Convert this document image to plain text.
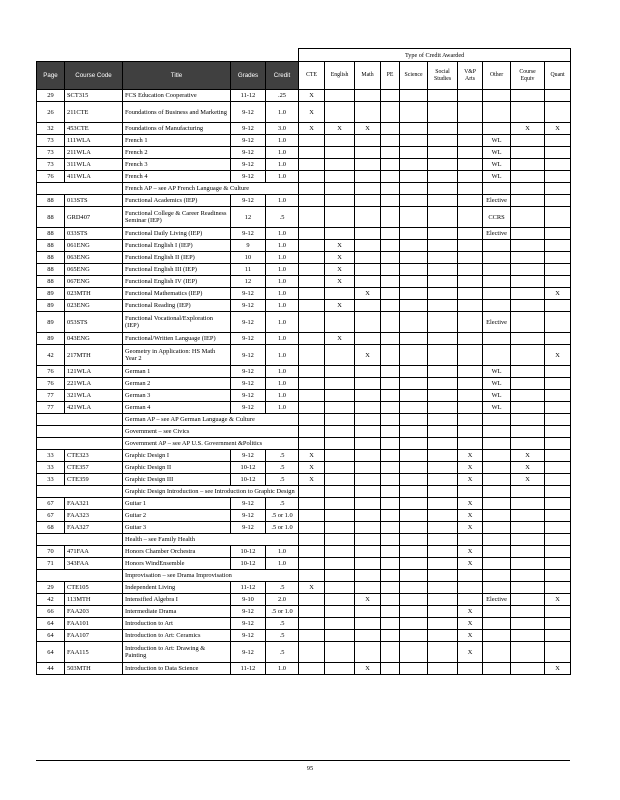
					Type of Credit Awarded									
Page	Course Code	Title	Grades	Credit	CTE	English	Math	PE	Science	Social Studies	V&P Arts	Other	Course Equiv	Quant
29	SCT315	FCS Education Cooperative	11-12	.25	X									
26	211CTE	Foundations of Business and Marketing	9-12	1.0	X									
32	453CTE	Foundations of Manufacturing	9-12	3.0	X	X	X						X	X
73	111WLA	French 1	9-12	1.0								WL		
73	211WLA	French 2	9-12	1.0								WL		
73	311WLA	French 3	9-12	1.0								WL		
76	411WLA	French 4	9-12	1.0								WL		
		French AP – see AP French Language & Culture												
88	013STS	Functional Academics (IEP)	9-12	1.0								Elective		
88	GRD407	Functional College & Career Readiness Seminar (IEP)	12	.5								CCRS		
88	033STS	Functional Daily Living (IEP)	9-12	1.0								Elective		
88	061ENG	Functional English I (IEP)	9	1.0		X								
88	063ENG	Functional English II (IEP)	10	1.0		X								
88	065ENG	Functional English III (IEP)	11	1.0		X								
88	067ENG	Functional English IV (IEP)	12	1.0		X								
89	023MTH	Functional Mathematics (IEP)	9-12	1.0			X							X
89	023ENG	Functional Reading (IEP)	9-12	1.0		X								
89	053STS	Functional Vocational/Exploration (IEP)	9-12	1.0								Elective		
89	043ENG	Functional/Written Language (IEP)	9-12	1.0		X								
42	217MTH	Geometry in Application: HS Math Year 2	9-12	1.0			X							X
76	121WLA	German 1	9-12	1.0								WL		
76	221WLA	German 2	9-12	1.0								WL		
77	321WLA	German 3	9-12	1.0								WL		
77	421WLA	German 4	9-12	1.0								WL		
		German AP – see AP German Language & Culture												
		Government – see Civics												
		Government AP – see AP U.S. Government &Politics												
33	CTE323	Graphic Design I	9-12	.5	X						X		X	
33	CTE357	Graphic Design II	10-12	.5	X						X		X	
33	CTE359	Graphic Design III	10-12	.5	X						X		X	
		Graphic Design Introduction – see Introduction to Graphic Design												
67	FAA321	Guitar 1	9-12	.5							X			
67	FAA323	Guitar 2	9-12	.5 or 1.0							X			
68	FAA327	Guitar 3	9-12	.5 or 1.0							X			
		Health – see Family Health												
70	471FAA	Honors Chamber Orchestra	10-12	1.0							X			
71	343FAA	Honors WindEnsemble	10-12	1.0							X			
		Improvisation – see Drama Improvisation												
29	CTE105	Independent Living	11-12	.5	X									
42	113MTH	Intensified Algebra I	9-10	2.0			X					Elective		X
66	FAA203	Intermediate Drama	9-12	.5 or 1.0							X			
64	FAA101	Introduction to Art	9-12	.5							X			
64	FAA107	Introduction to Art: Ceramics	9-12	.5							X			
64	FAA115	Introduction to Art: Drawing & Painting	9-12	.5							X			
44	503MTH	Introduction to Data Science	11-12	1.0			X							X
95
